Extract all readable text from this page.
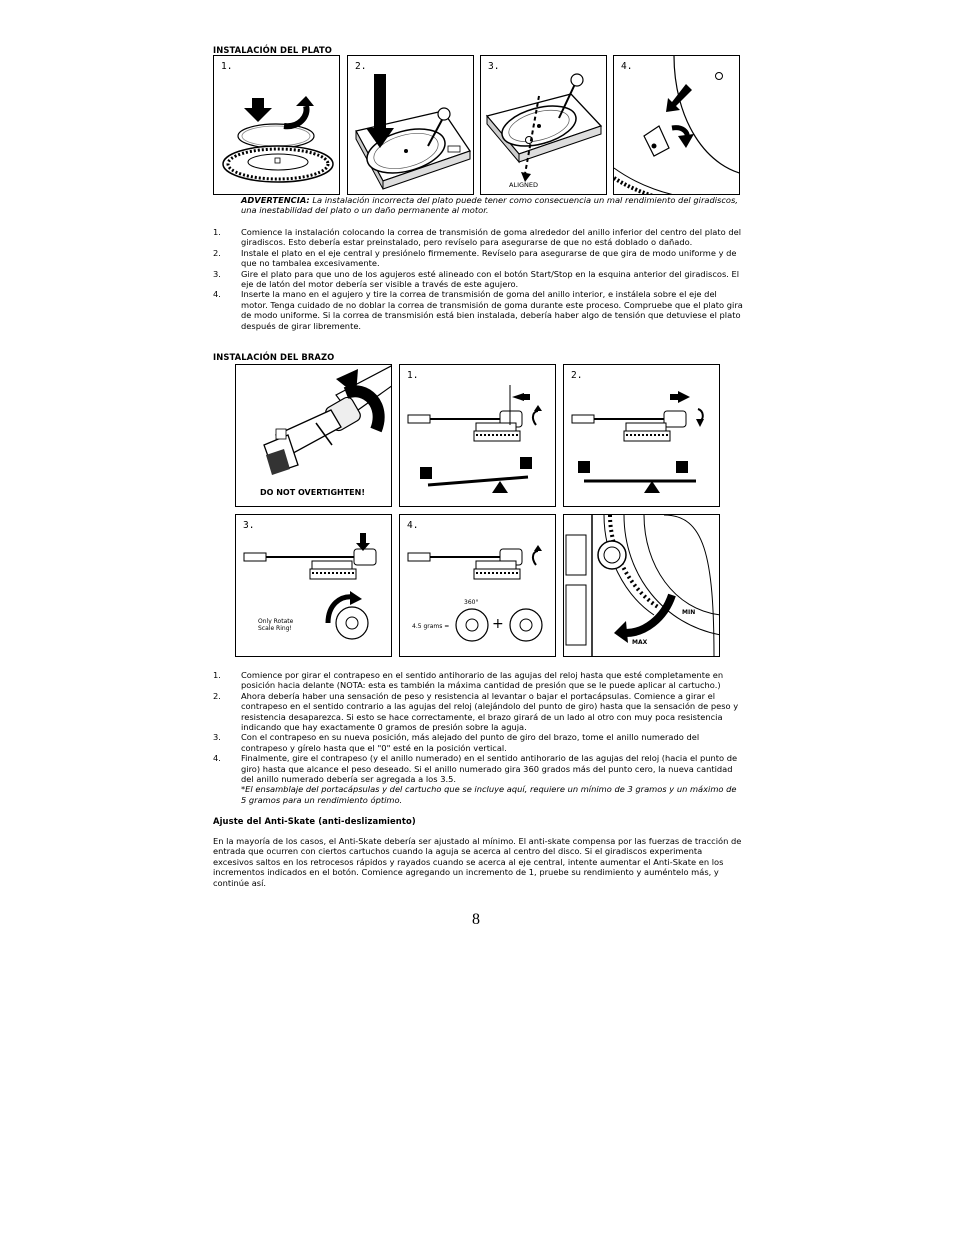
INSTALACIÓN DEL PLATO
1.	2.	3.
ALIGNED
4.
ADVERTENCIA: La instalación incorrecta del plato puede tener como consecuencia un mal rendimiento del giradiscos, una inestabilidad del plato o un daño permanente al motor.
1.	Comience la instalación colocando la correa de transmisión de goma alrededor del anillo inferior del centro del plato del giradiscos. Esto debería estar preinstalado, pero revíselo para asegurarse de que no está doblado o dañado.
2.	Instale el plato en el eje central y presiónelo firmemente. Revíselo para asegurarse de que gira de modo uniforme y de que no tambalea excesivamente.
3.	Gire el plato para que uno de los agujeros esté alineado con el botón Start/Stop en la esquina anterior del giradiscos. El eje de latón del motor debería ser visible a través de este agujero.
4.	Inserte la mano en el agujero y tire la correa de transmisión de goma del anillo interior, e instálela sobre el eje del motor. Tenga cuidado de no doblar la correa de transmisión de goma durante este proceso. Compruebe que el plato gira de modo uniforme. Si la correa de transmisión está bien instalada, debería haber algo de tensión que detuviese el plato después de girar libremente.
INSTALACIÓN DEL BRAZO
DO NOT OVERTIGHTEN!
1.	2.
3.
Only Rotate
Scale Ring!
4.
360°
4.5 grams =	+
MIN
MAX
1.	Comience por girar el contrapeso en el sentido antihorario de las agujas del reloj hasta que esté completamente en posición hacia delante (NOTA: esta es también la máxima cantidad de presión que se le puede aplicar al cartucho.)
2.	Ahora debería haber una sensación de peso y resistencia al levantar o bajar el portacápsulas. Comience a girar el contrapeso en el sentido contrario a las agujas del reloj (alejándolo del punto de giro) hasta que la sensación de peso y resistencia desaparezca. Si esto se hace correctamente, el brazo girará de un lado al otro con muy poca resistencia indicando que hay exactamente 0 gramos de presión sobre la aguja.
3.	Con el contrapeso en su nueva posición, más alejado del punto de giro del brazo, tome el anillo numerado del contrapeso y gírelo hasta que el "0" esté en la posición vertical.
4.	Finalmente, gire el contrapeso (y el anillo numerado) en el sentido antihorario de las agujas del reloj (hacia el punto de giro) hasta que alcance el peso deseado. Si el anillo numerado gira 360 grados más del punto cero, la nueva cantidad del anillo numerado debería ser agregada a los 3.5.
*El ensamblaje del portacápsulas y del cartucho que se incluye aquí, requiere un mínimo de 3 gramos y un máximo de 5 gramos para un rendimiento óptimo.
Ajuste del Anti-Skate (anti-deslizamiento)
En la mayoría de los casos, el Anti-Skate debería ser ajustado al mínimo. El anti-skate compensa por las fuerzas de tracción de entrada que ocurren con ciertos cartuchos cuando la aguja se acerca al centro del disco. Si el giradiscos experimenta excesivos saltos en los retrocesos rápidos y rayados cuando se acerca al eje central, intente aumentar el Anti-Skate en los incrementos indicados en el botón. Comience agregando un incremento de 1, pruebe su rendimiento y auméntelo más, y continúe así.
8
